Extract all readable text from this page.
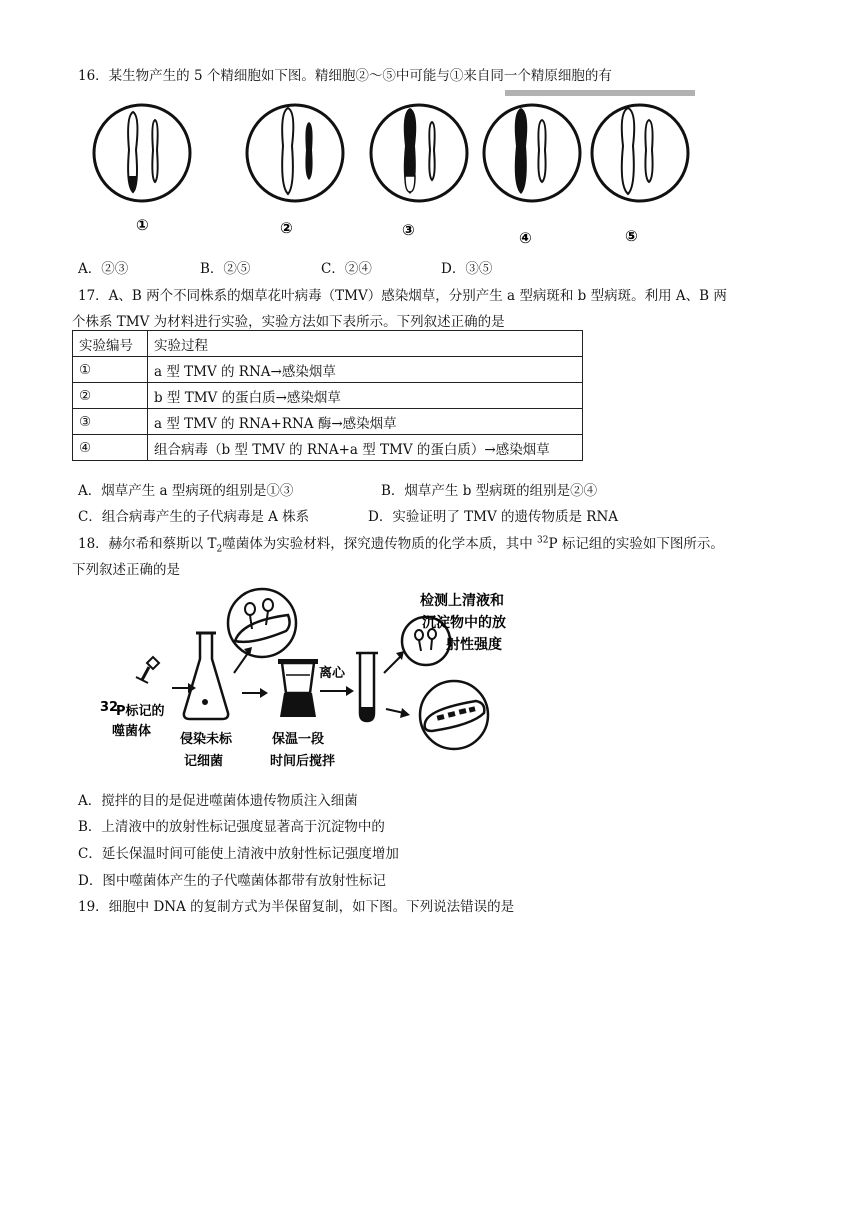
16．某生物产生的 5 个精细胞如下图。精细胞②～⑤中可能与①来自同一个精原细胞的有
①	②	③	④	⑤
A．②③	B．②⑤	C．②④	D．③⑤
17．A、B 两个不同株系的烟草花叶病毒（TMV）感染烟草，分别产生 a 型病斑和 b 型病斑。利用 A、B 两
个株系 TMV 为材料进行实验，实验方法如下表所示。下列叙述正确的是
实验编号	实验过程
①	a 型 TMV 的 RNA→感染烟草
②	b 型 TMV 的蛋白质→感染烟草
③	a 型 TMV 的 RNA+RNA 酶→感染烟草
④	组合病毒（b 型 TMV 的 RNA+a 型 TMV 的蛋白质）→感染烟草
A．烟草产生 a 型病斑的组别是①③	B．烟草产生 b 型病斑的组别是②④
C．组合病毒产生的子代病毒是 A 株系	D．实验证明了 TMV 的遗传物质是 RNA
18．赫尔希和蔡斯以 $T_2$噬菌体为实验材料，探究遗传物质的化学本质，其中 $^{32}$P 标记组的实验如下图所示。
下列叙述正确的是
32
P标记的
噬菌体
侵染未标
记细菌
保温一段
时间后搅拌
离心
检测上清液和
沉淀物中的放
射性强度
A．搅拌的目的是促进噬菌体遗传物质注入细菌
B．上清液中的放射性标记强度显著高于沉淀物中的
C．延长保温时间可能使上清液中放射性标记强度增加
D．图中噬菌体产生的子代噬菌体都带有放射性标记
19．细胞中 DNA 的复制方式为半保留复制，如下图。下列说法错误的是
